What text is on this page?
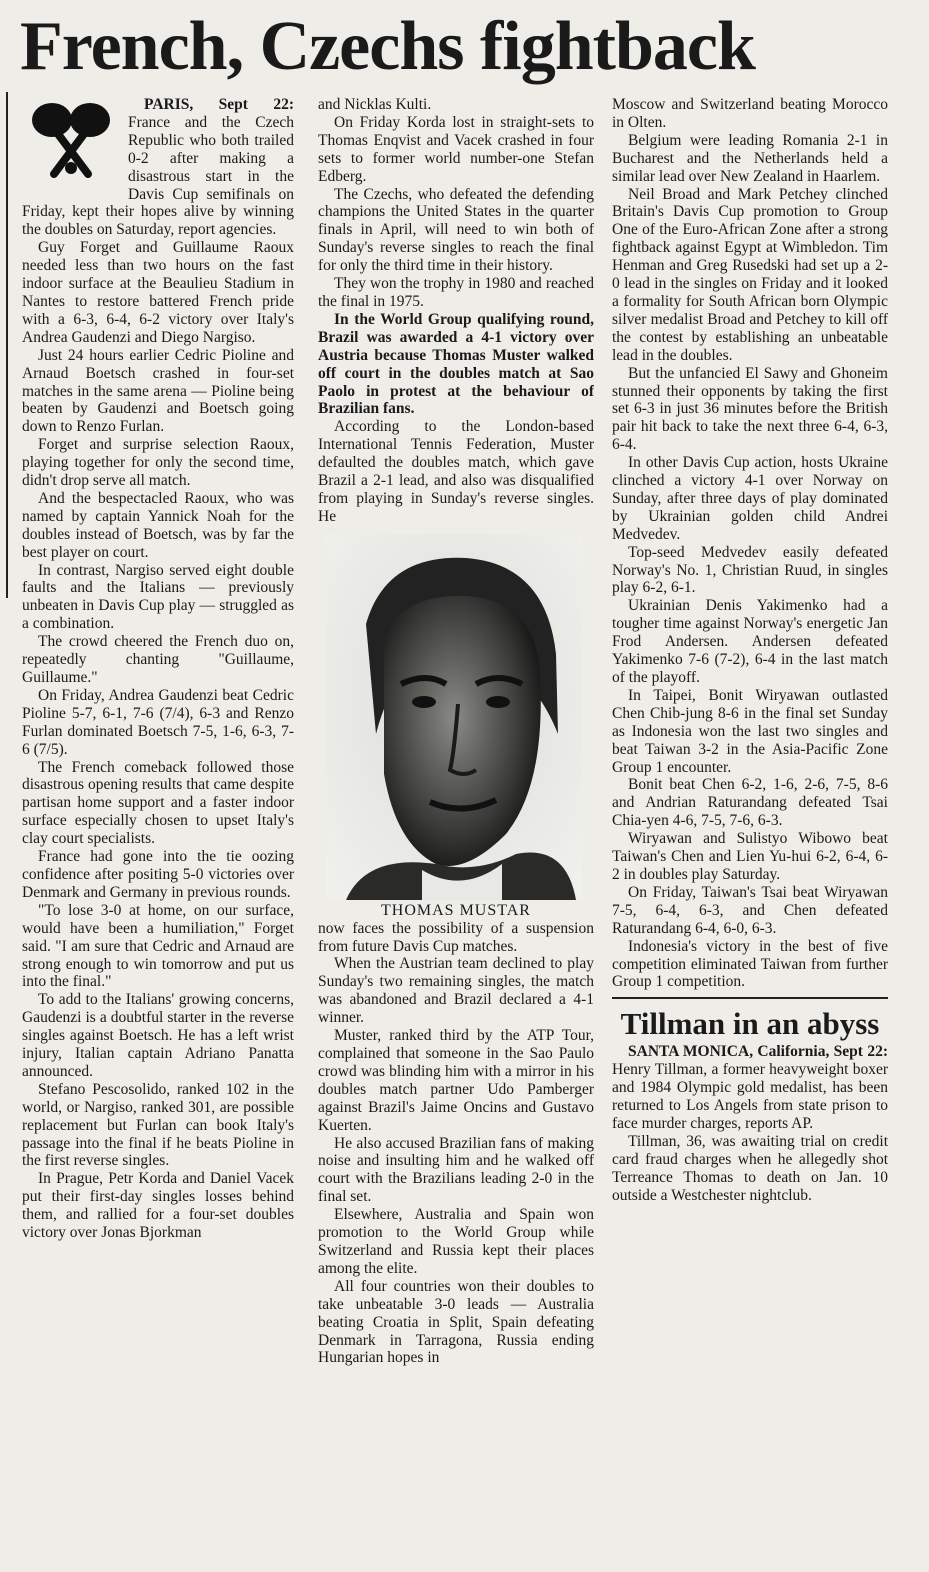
French, Czechs fightback

PARIS, Sept 22: France and the Czech Republic who both trailed 0-2 after making a disastrous start in the Davis Cup semifinals on Friday, kept their hopes alive by winning the doubles on Saturday, report agencies.

Guy Forget and Guillaume Raoux needed less than two hours on the fast indoor surface at the Beaulieu Stadium in Nantes to restore battered French pride with a 6-3, 6-4, 6-2 victory over Italy's Andrea Gaudenzi and Diego Nargiso.

Just 24 hours earlier Cedric Pioline and Arnaud Boetsch crashed in four-set matches in the same arena — Pioline being beaten by Gaudenzi and Boetsch going down to Renzo Furlan.

Forget and surprise selection Raoux, playing together for only the second time, didn't drop serve all match.

And the bespectacled Raoux, who was named by captain Yannick Noah for the doubles instead of Boetsch, was by far the best player on court.

In contrast, Nargiso served eight double faults and the Italians — previously unbeaten in Davis Cup play — struggled as a combination.

The crowd cheered the French duo on, repeatedly chanting "Guillaume, Guillaume."

On Friday, Andrea Gaudenzi beat Cedric Pioline 5-7, 6-1, 7-6 (7/4), 6-3 and Renzo Furlan dominated Boetsch 7-5, 1-6, 6-3, 7-6 (7/5).

The French comeback followed those disastrous opening results that came despite partisan home support and a faster indoor surface especially chosen to upset Italy's clay court specialists.

France had gone into the tie oozing confidence after positing 5-0 victories over Denmark and Germany in previous rounds.

"To lose 3-0 at home, on our surface, would have been a humiliation," Forget said. "I am sure that Cedric and Arnaud are strong enough to win tomorrow and put us into the final."

To add to the Italians' growing concerns, Gaudenzi is a doubtful starter in the reverse singles against Boetsch. He has a left wrist injury, Italian captain Adriano Panatta announced.

Stefano Pescosolido, ranked 102 in the world, or Nargiso, ranked 301, are possible replacement but Furlan can book Italy's passage into the final if he beats Pioline in the first reverse singles.

In Prague, Petr Korda and Daniel Vacek put their first-day singles losses behind them, and rallied for a four-set doubles victory over Jonas Bjorkman

and Nicklas Kulti.

On Friday Korda lost in straight-sets to Thomas Enqvist and Vacek crashed in four sets to former world number-one Stefan Edberg.

The Czechs, who defeated the defending champions the United States in the quarter finals in April, will need to win both of Sunday's reverse singles to reach the final for only the third time in their history.

They won the trophy in 1980 and reached the final in 1975.

In the World Group qualifying round, Brazil was awarded a 4-1 victory over Austria because Thomas Muster walked off court in the doubles match at Sao Paolo in protest at the behaviour of Brazilian fans.

According to the London-based International Tennis Federation, Muster defaulted the doubles match, which gave Brazil a 2-1 lead, and also was disqualified from playing in Sunday's reverse singles. He

THOMAS MUSTAR

now faces the possibility of a suspension from future Davis Cup matches.

When the Austrian team declined to play Sunday's two remaining singles, the match was abandoned and Brazil declared a 4-1 winner.

Muster, ranked third by the ATP Tour, complained that someone in the Sao Paulo crowd was blinding him with a mirror in his doubles match partner Udo Pamberger against Brazil's Jaime Oncins and Gustavo Kuerten.

He also accused Brazilian fans of making noise and insulting him and he walked off court with the Brazilians leading 2-0 in the final set.

Elsewhere, Australia and Spain won promotion to the World Group while Switzerland and Russia kept their places among the elite.

All four countries won their doubles to take unbeatable 3-0 leads — Australia beating Croatia in Split, Spain defeating Denmark in Tarragona, Russia ending Hungarian hopes in

Moscow and Switzerland beating Morocco in Olten.

Belgium were leading Romania 2-1 in Bucharest and the Netherlands held a similar lead over New Zealand in Haarlem.

Neil Broad and Mark Petchey clinched Britain's Davis Cup promotion to Group One of the Euro-African Zone after a strong fightback against Egypt at Wimbledon. Tim Henman and Greg Rusedski had set up a 2-0 lead in the singles on Friday and it looked a formality for South African born Olympic silver medalist Broad and Petchey to kill off the contest by establishing an unbeatable lead in the doubles.

But the unfancied El Sawy and Ghoneim stunned their opponents by taking the first set 6-3 in just 36 minutes before the British pair hit back to take the next three 6-4, 6-3, 6-4.

In other Davis Cup action, hosts Ukraine clinched a victory 4-1 over Norway on Sunday, after three days of play dominated by Ukrainian golden child Andrei Medvedev.

Top-seed Medvedev easily defeated Norway's No. 1, Christian Ruud, in singles play 6-2, 6-1.

Ukrainian Denis Yakimenko had a tougher time against Norway's energetic Jan Frod Andersen. Andersen defeated Yakimenko 7-6 (7-2), 6-4 in the last match of the playoff.

In Taipei, Bonit Wiryawan outlasted Chen Chib-jung 8-6 in the final set Sunday as Indonesia won the last two singles and beat Taiwan 3-2 in the Asia-Pacific Zone Group 1 encounter.

Bonit beat Chen 6-2, 1-6, 2-6, 7-5, 8-6 and Andrian Raturandang defeated Tsai Chia-yen 4-6, 7-5, 7-6, 6-3.

Wiryawan and Sulistyo Wibowo beat Taiwan's Chen and Lien Yu-hui 6-2, 6-4, 6-2 in doubles play Saturday.

On Friday, Taiwan's Tsai beat Wiryawan 7-5, 6-4, 6-3, and Chen defeated Raturandang 6-4, 6-0, 6-3.

Indonesia's victory in the best of five competition eliminated Taiwan from further Group 1 competition.

Tillman in an abyss

SANTA MONICA, California, Sept 22: Henry Tillman, a former heavyweight boxer and 1984 Olympic gold medalist, has been returned to Los Angels from state prison to face murder charges, reports AP.

Tillman, 36, was awaiting trial on credit card fraud charges when he allegedly shot Terreance Thomas to death on Jan. 10 outside a Westchester nightclub.
